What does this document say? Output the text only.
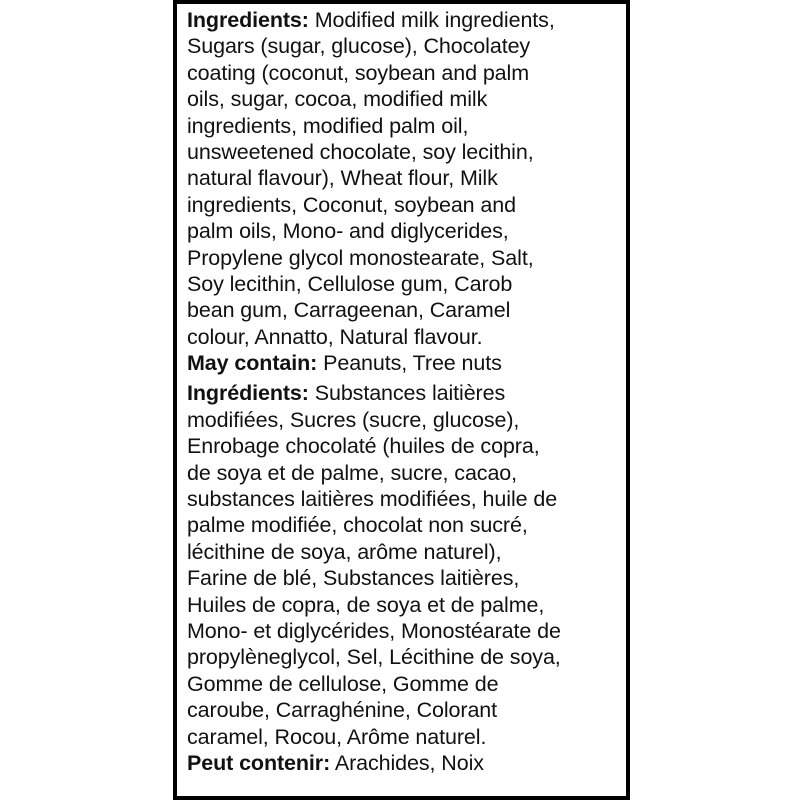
Ingredients: Modified milk ingredients,
Sugars (sugar, glucose), Chocolatey
coating (coconut, soybean and palm
oils, sugar, cocoa, modified milk
ingredients, modified palm oil,
unsweetened chocolate, soy lecithin,
natural flavour), Wheat flour, Milk
ingredients, Coconut, soybean and
palm oils, Mono- and diglycerides,
Propylene glycol monostearate, Salt,
Soy lecithin, Cellulose gum, Carob
bean gum, Carrageenan, Caramel
colour, Annatto, Natural flavour.
May contain: Peanuts, Tree nuts
Ingrédients: Substances laitières
modifiées, Sucres (sucre, glucose),
Enrobage chocolaté (huiles de copra,
de soya et de palme, sucre, cacao,
substances laitières modifiées, huile de
palme modifiée, chocolat non sucré,
lécithine de soya, arôme naturel),
Farine de blé, Substances laitières,
Huiles de copra, de soya et de palme,
Mono- et diglycérides, Monostéarate de
propylèneglycol, Sel, Lécithine de soya,
Gomme de cellulose, Gomme de
caroube, Carraghénine, Colorant
caramel, Rocou, Arôme naturel.
Peut contenir: Arachides, Noix
